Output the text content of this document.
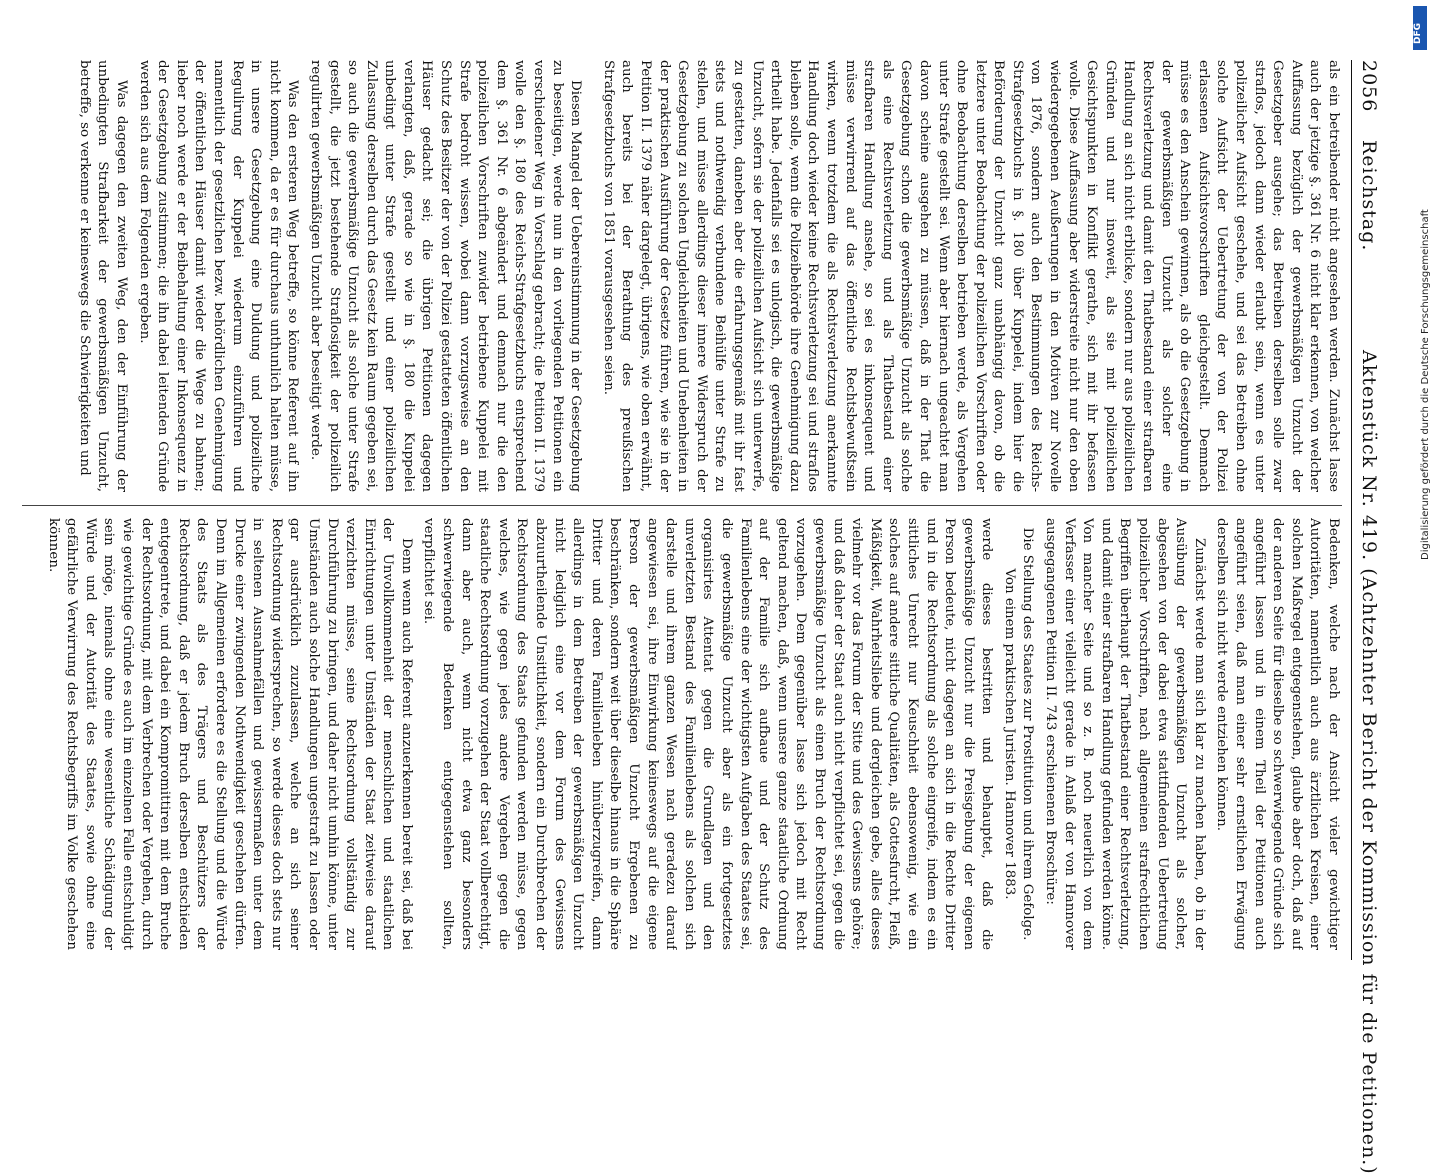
2056
Reichstag.
Aktenstück Nr. 419. (Achtzehnter Bericht der Kommission für die Petitionen.)

als ein betreibender nicht angesehen werden. Zunächst lasse auch der jetzige §. 361 Nr. 6 nicht klar erkennen, von welcher Auffassung bezüglich der gewerbsmäßigen Unzucht der Gesetzgeber ausgehe; das Betreiben derselben solle zwar straflos, jedoch dann wieder erlaubt sein, wenn es unter polizeilicher Aufsicht geschehe, und sei das Betreiben ohne solche Aufsicht der Uebertretung der von der Polizei erlassenen Aufsichtsvorschriften gleichgestellt. Demnach müsse es den Anschein gewinnen, als ob die Gesetzgebung in der gewerbsmäßigen Unzucht als solcher eine Rechtsverletzung und damit den Thatbestand einer strafbaren Handlung an sich nicht erblicke, sondern nur aus polizeilichen Gründen und nur insoweit, als sie mit polizeilichen Gesichtspunkten in Konflikt gerathe, sich mit ihr befassen wolle. Diese Auffassung aber widerstreite nicht nur den oben wiedergegebenen Aeußerungen in den Motiven zur Novelle von 1876, sondern auch den Bestimmungen des Reichs-Strafgesetzbuchs in §. 180 über Kuppelei, indem hier die Beförderung der Unzucht ganz unabhängig davon, ob die letztere unter Beobachtung der polizeilichen Vorschriften oder ohne Beobachtung derselben betrieben werde, als Vergehen unter Strafe gestellt sei. Wenn aber hiernach ungeachtet man davon scheine ausgehen zu müssen, daß in der That die Gesetzgebung schon die gewerbsmäßige Unzucht als solche als eine Rechtsverletzung und als Thatbestand einer strafbaren Handlung ansehe, so sei es inkonsequent und müsse verwirrend auf das öffentliche Rechtsbewußtsein wirken, wenn trotzdem die als Rechtsverletzung anerkannte Handlung doch wieder keine Rechtsverletzung sei und straflos bleiben solle, wenn die Polizeibehörde ihre Genehmigung dazu ertheilt habe. Jedenfalls sei es unlogisch, die gewerbsmäßige Unzucht, sofern sie der polizeilichen Aufsicht sich unterwerfe, zu gestatten, daneben aber die erfahrungsgemäß mit ihr fast stets und nothwendig verbundene Beihülfe unter Strafe zu stellen, und müsse allerdings dieser innere Widerspruch der Gesetzgebung zu solchen Ungleichheiten und Unebenheiten in der praktischen Ausführung der Gesetze führen, wie sie in der Petition II. 1379 näher dargelegt, übrigens, wie oben erwähnt, auch bereits bei der Berathung des preußischen Strafgesetzbuchs von 1851 vorausgesehen seien.

Diesen Mangel der Uebereinstimmung in der Gesetzgebung zu beseitigen, werde nun in den vorliegenden Petitionen ein verschiedener Weg in Vorschlag gebracht; die Petition II. 1379 wolle den §. 180 des Reichs-Strafgesetzbuchs entsprechend dem §. 361 Nr. 6 abgeändert und demnach nur die den polizeilichen Vorschriften zuwider betriebene Kuppelei mit Strafe bedroht wissen, wobei dann vorzugsweise an den Schutz des Besitzer der von der Polizei gestatteten öffentlichen Häuser gedacht sei; die übrigen Petitionen dagegen verlangten, daß, gerade so wie in §. 180 die Kuppelei unbedingt unter Strafe gestellt und einer polizeilichen Zulassung derselben durch das Gesetz kein Raum gegeben sei, so auch die gewerbsmäßige Unzucht als solche unter Strafe gestellt, die jetzt bestehende Straflosigkeit der polizeilich regulirten gewerbsmäßigen Unzucht aber beseitigt werde.

Was den ersteren Weg betreffe, so könne Referent auf ihn nicht kommen, da er es für durchaus unthunlich halten müsse, in unsere Gesetzgebung eine Duldung und polizeiliche Regulirung der Kuppelei wiederum einzuführen und namentlich der gesetzlichen bezw. behördlichen Genehmigung der öffentlichen Häuser damit wieder die Wege zu bahnen; lieber noch werde er der Beibehaltung einer Inkonsequenz in der Gesetzgebung zustimmen; die ihn dabei leitenden Gründe werden sich aus dem Folgenden ergeben.

Was dagegen den zweiten Weg, den der Einführung der unbedingten Strafbarkeit der gewerbsmäßigen Unzucht, betreffe, so verkenne er keineswegs die Schwierigkeiten und

Bedenken, welche nach der Ansicht vieler gewichtiger Autoritäten, namentlich auch aus ärztlichen Kreisen, einer solchen Maßregel entgegenstehen, glaube aber doch, daß auf der anderen Seite für dieselbe so schwerwiegende Gründe sich angeführt lassen und in einem Theil der Petitionen auch angeführt seien, daß man einer sehr ernstlichen Erwägung derselben sich nicht werde entziehen können.

Zunächst werde man sich klar zu machen haben, ob in der Ausübung der gewerbsmäßigen Unzucht als solcher, abgesehen von der dabei etwa stattfindenden Uebertretung polizeilicher Vorschriften, nach allgemeinen strafrechtlichen Begriffen überhaupt der Thatbestand einer Rechtsverletzung, und damit einer strafbaren Handlung gefunden werden könne. Von mancher Seite und so z. B. noch neuerlich von dem Verfasser einer vielleicht gerade in Anlaß der von Hannover ausgegangenen Petition II. 743 erschienenen Broschüre:

Die Stellung des Staates zur Prostitution und ihrem Gefolge. Von einem praktischen Juristen. Hannover 1883.

werde dieses bestritten und behauptet, daß die gewerbsmäßige Unzucht nur die Preisgebung der eigenen Person bedeute, nicht dagegen an sich in die Rechte Dritter und in die Rechtsordnung als solche eingreife, indem es ein sittliches Unrecht nur Keuschheit ebensowenig, wie ein solches auf andere sittliche Qualitäten, als Gottesfurcht, Fleiß, Mäßigkeit, Wahrheitsliebe und dergleichen gebe, alles dieses vielmehr vor das Forum der Sitte und des Gewissens gehöre; und daß daher der Staat auch nicht verpflichtet sei, gegen die gewerbsmäßige Unzucht als einen Bruch der Rechtsordnung vorzugehen. Dem gegenüber lasse sich jedoch mit Recht geltend machen, daß, wenn unsere ganze staatliche Ordnung auf der Familie sich aufbaue und der Schutz des Familienlebens eine der wichtigsten Aufgaben des Staates sei, die gewerbsmäßige Unzucht aber als ein fortgesetztes organisirtes Attentat gegen die Grundlagen und den unverletzten Bestand des Familienlebens als solchen sich darstelle und ihrem ganzen Wesen nach geradezu darauf angewiesen sei, ihre Einwirkung keineswegs auf die eigene Person der gewerbsmäßigen Unzucht Ergebenen zu beschränken, sondern weit über dieselbe hinaus in die Sphäre Dritter und deren Familienleben hinüberzugreifen, dann allerdings in dem Betreiben der gewerbsmäßigen Unzucht nicht lediglich eine vor dem Forum des Gewissens abzuurtheilende Unsittlichkeit, sondern ein Durchbrechen der Rechtsordnung des Staats gefunden werden müsse, gegen welches, wie gegen jedes andere Vergehen gegen die staatliche Rechtsordnung vorzugehen der Staat vollberechtigt, dann aber auch, wenn nicht etwa ganz besonders schwerwiegende Bedenken entgegenstehen sollten, verpflichtet sei.

Denn wenn auch Referent anzuerkennen bereit sei, daß bei der Unvollkommenheit der menschlichen und staatlichen Einrichtungen unter Umständen der Staat zeitweise darauf verzichten müsse, seine Rechtsordnung vollständig zur Durchführung zu bringen, und daher nicht umhin könne, unter Umständen auch solche Handlungen ungestraft zu lassen oder gar ausdrücklich zuzulassen, welche an sich seiner Rechtsordnung widersprechen, so werde dieses doch stets nur in seltenen Ausnahmefällen und gewissermaßen unter dem Drucke einer zwingenden Nothwendigkeit geschehen dürfen. Denn im Allgemeinen erfordere es die Stellung und die Würde des Staats als des Trägers und Beschützers der Rechtsordnung, daß er jedem Bruch derselben entschieden entgegentrete, und dabei ein Kompromittiren mit dem Bruche der Rechtsordnung, mit dem Verbrechen oder Vergehen, durch wie gewichtige Gründe es auch im einzelnen Falle entschuldigt sein möge, niemals ohne eine wesentliche Schädigung der Würde und der Autorität des Staates, sowie ohne eine gefährliche Verwirrung des Rechtsbegriffs im Volke geschehen können.	Digitalisierung gefördert durch die Deutsche Forschungsgemeinschaft
DFG
